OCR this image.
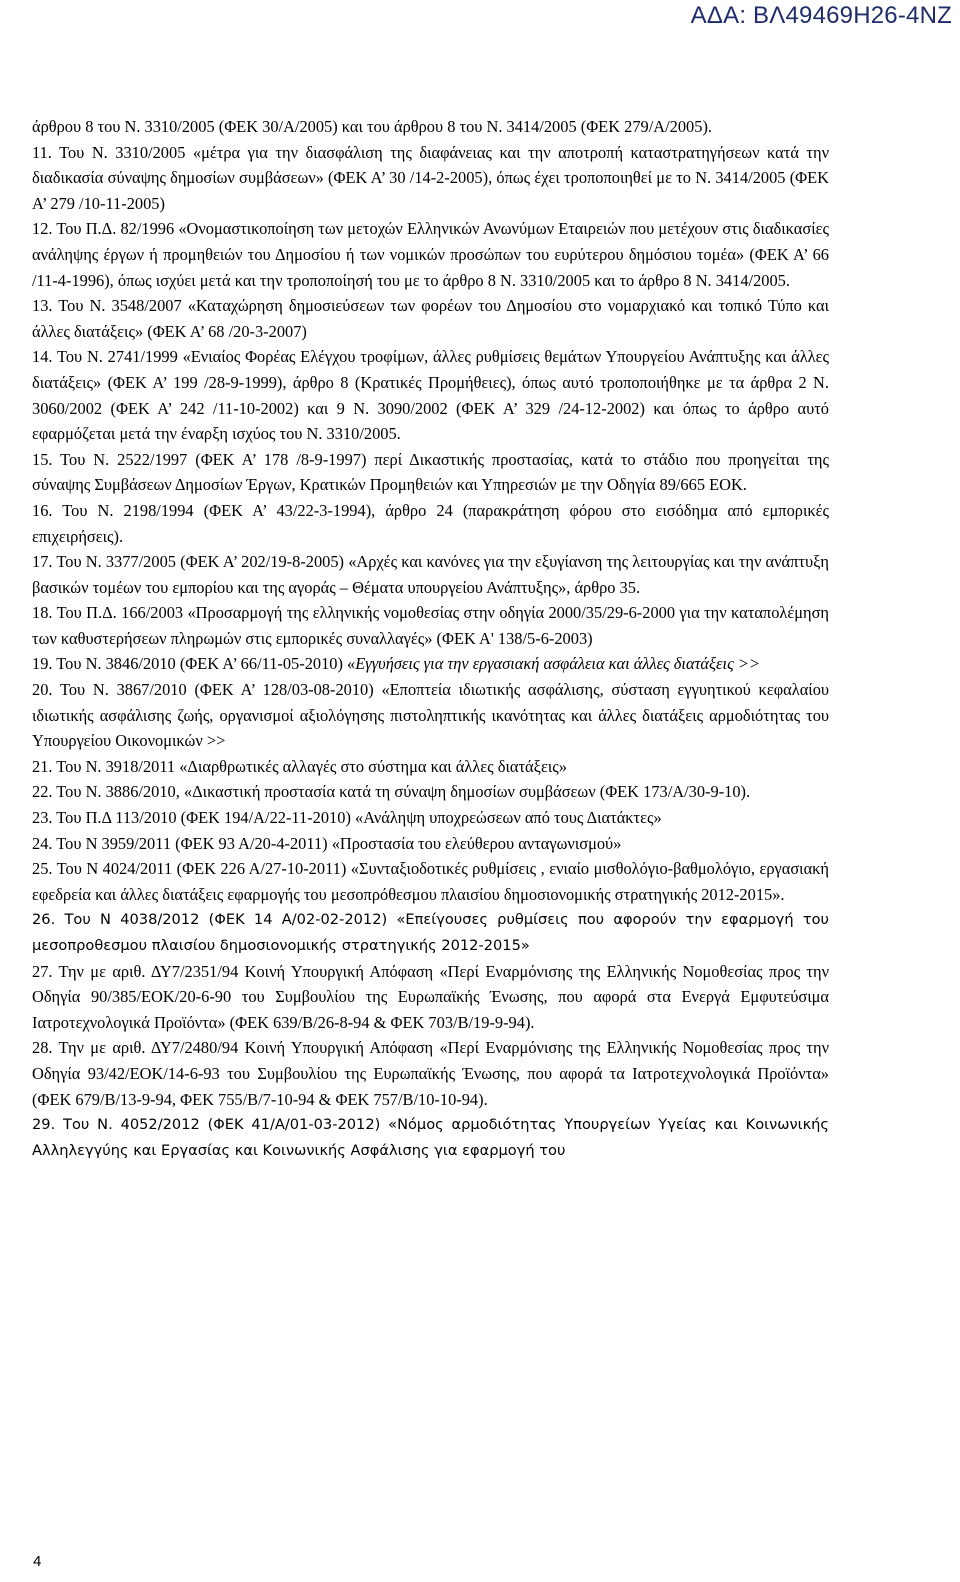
ΑΔΑ: ΒΛ49469Η26-4ΝΖ

άρθρου 8 του Ν. 3310/2005 (ΦΕΚ 30/Α/2005) και του άρθρου 8 του Ν. 3414/2005 (ΦΕΚ 279/Α/2005).

11. Του Ν. 3310/2005 «μέτρα για την διασφάλιση της διαφάνειας και την αποτροπή καταστρατηγήσεων κατά την διαδικασία σύναψης δημοσίων συμβάσεων» (ΦΕΚ Α’ 30 /14-2-2005), όπως έχει τροποποιηθεί με το Ν. 3414/2005 (ΦΕΚ Α’ 279 /10-11-2005)

12. Του Π.Δ. 82/1996 «Ονομαστικοποίηση των μετοχών Ελληνικών Ανωνύμων Εταιρειών που μετέχουν στις διαδικασίες ανάληψης έργων ή προμηθειών του Δημοσίου ή των νομικών προσώπων του ευρύτερου δημόσιου τομέα» (ΦΕΚ Α’ 66 /11-4-1996), όπως ισχύει μετά και την τροποποίησή του με το άρθρο 8 Ν. 3310/2005 και το άρθρο 8 Ν. 3414/2005.

13. Του Ν. 3548/2007 «Καταχώρηση δημοσιεύσεων των φορέων του Δημοσίου στο νομαρχιακό και τοπικό Τύπο και άλλες διατάξεις» (ΦΕΚ Α’ 68 /20-3-2007)

14. Του Ν. 2741/1999 «Ενιαίος Φορέας Ελέγχου τροφίμων, άλλες ρυθμίσεις θεμάτων Υπουργείου Ανάπτυξης και άλλες διατάξεις» (ΦΕΚ Α’ 199 /28-9-1999), άρθρο 8 (Κρατικές Προμήθειες), όπως αυτό τροποποιήθηκε με τα άρθρα 2 Ν. 3060/2002 (ΦΕΚ Α’ 242 /11-10-2002) και 9 Ν. 3090/2002 (ΦΕΚ Α’ 329 /24-12-2002) και όπως το άρθρο αυτό εφαρμόζεται μετά την έναρξη ισχύος του Ν. 3310/2005.

15. Του Ν. 2522/1997 (ΦΕΚ Α’ 178 /8-9-1997) περί Δικαστικής προστασίας, κατά το στάδιο που προηγείται της σύναψης Συμβάσεων Δημοσίων Έργων, Κρατικών Προμηθειών και Υπηρεσιών με την Οδηγία 89/665 ΕΟΚ.

16. Του Ν. 2198/1994 (ΦΕΚ Α’ 43/22-3-1994), άρθρο 24 (παρακράτηση φόρου στο εισόδημα από εμπορικές επιχειρήσεις).

17. Του Ν. 3377/2005 (ΦΕΚ Α’ 202/19-8-2005) «Αρχές και κανόνες για την εξυγίανση της λειτουργίας και την ανάπτυξη βασικών τομέων του εμπορίου και της αγοράς – Θέματα υπουργείου Ανάπτυξης», άρθρο 35.

18. Του Π.Δ. 166/2003 «Προσαρμογή της ελληνικής νομοθεσίας στην οδηγία 2000/35/29-6-2000 για την καταπολέμηση των καθυστερήσεων πληρωμών στις εμπορικές συναλλαγές» (ΦΕΚ Α' 138/5-6-2003)

19. Του Ν. 3846/2010 (ΦΕΚ Α’ 66/11-05-2010) «Εγγυήσεις για την εργασιακή ασφάλεια και άλλες διατάξεις >>

20. Του Ν. 3867/2010 (ΦΕΚ Α’ 128/03-08-2010) «Εποπτεία ιδιωτικής ασφάλισης, σύσταση εγγυητικού κεφαλαίου ιδιωτικής ασφάλισης ζωής, οργανισμοί αξιολόγησης πιστοληπτικής ικανότητας και άλλες διατάξεις αρμοδιότητας του Υπουργείου Οικονομικών >>

21. Του Ν. 3918/2011 «Διαρθρωτικές αλλαγές στο σύστημα και άλλες διατάξεις»

22. Του Ν. 3886/2010, «Δικαστική προστασία κατά τη σύναψη δημοσίων συμβάσεων (ΦΕΚ 173/Α/30-9-10).

23. Του Π.Δ 113/2010 (ΦΕΚ 194/Α/22-11-2010) «Ανάληψη υποχρεώσεων από τους Διατάκτες»

24. Του Ν 3959/2011 (ΦΕΚ 93 Α/20-4-2011) «Προστασία του ελεύθερου ανταγωνισμού»

25. Του Ν 4024/2011 (ΦΕΚ 226 Α/27-10-2011) «Συνταξιοδοτικές ρυθμίσεις , ενιαίο μισθολόγιο-βαθμολόγιο, εργασιακή εφεδρεία και άλλες διατάξεις εφαρμογής του μεσοπρόθεσμου πλαισίου δημοσιονομικής στρατηγικής 2012-2015».

26. Του Ν 4038/2012 (ΦΕΚ 14 Α/02-02-2012) «Επείγουσες ρυθμίσεις που αφορούν την εφαρμογή του μεσοπροθεσμου πλαισίου δημοσιονομικής στρατηγικής 2012-2015»

27. Την με αριθ. ΔΥ7/2351/94 Κοινή Υπουργική Απόφαση «Περί Εναρμόνισης της Ελληνικής Νομοθεσίας προς την Οδηγία 90/385/ΕΟΚ/20-6-90 του Συμβουλίου της Ευρωπαϊκής Ένωσης, που αφορά στα Ενεργά Εμφυτεύσιμα Ιατροτεχνολογικά Προϊόντα» (ΦΕΚ 639/Β/26-8-94 & ΦΕΚ 703/Β/19-9-94).

28. Την με αριθ. ΔΥ7/2480/94 Κοινή Υπουργική Απόφαση «Περί Εναρμόνισης της Ελληνικής Νομοθεσίας προς την Οδηγία 93/42/ΕΟΚ/14-6-93 του Συμβουλίου της Ευρωπαϊκής Ένωσης, που αφορά τα Ιατροτεχνολογικά Προϊόντα» (ΦΕΚ 679/Β/13-9-94, ΦΕΚ 755/Β/7-10-94 & ΦΕΚ 757/Β/10-10-94).

29. Του Ν. 4052/2012 (ΦΕΚ 41/Α/01-03-2012) «Νόμος αρμοδιότητας Υπουργείων Υγείας και Κοινωνικής Αλληλεγγύης και Εργασίας και Κοινωνικής Ασφάλισης για εφαρμογή του

4
